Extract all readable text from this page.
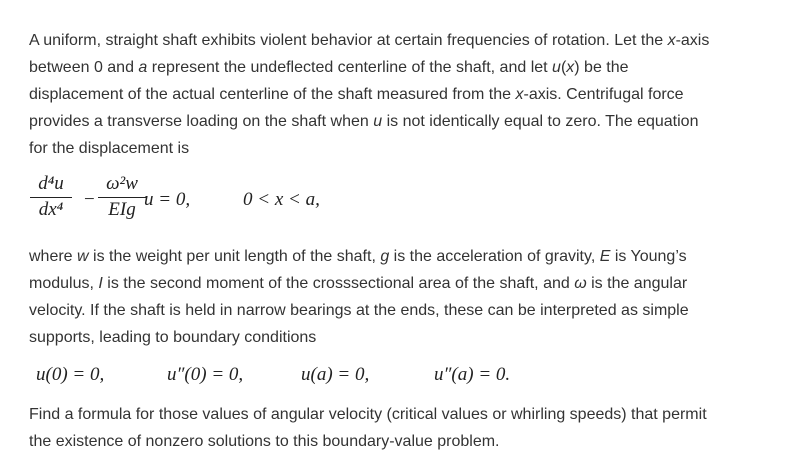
A uniform, straight shaft exhibits violent behavior at certain frequencies of rotation. Let the x-axis
between 0 and a represent the undeflected centerline of the shaft, and let u(x) be the
displacement of the actual centerline of the shaft measured from the x-axis. Centrifugal force
provides a transverse loading on the shaft when u is not identically equal to zero. The equation
for the displacement is
$\frac{\text{d⁴u}}{\text{dx⁴}}$ −
ω²w
EIg u = 0,	0 < x < a,
where w is the weight per unit length of the shaft, g is the acceleration of gravity, E is Young’s
modulus, I is the second moment of the crosssectional area of the shaft, and ω is the angular
velocity. If the shaft is held in narrow bearings at the ends, these can be interpreted as simple
supports, leading to boundary conditions
u(0) = 0,	u″(0) = 0,	u(a) = 0,	u″(a) = 0.
Find a formula for those values of angular velocity (critical values or whirling speeds) that permit
the existence of nonzero solutions to this boundary-value problem.
